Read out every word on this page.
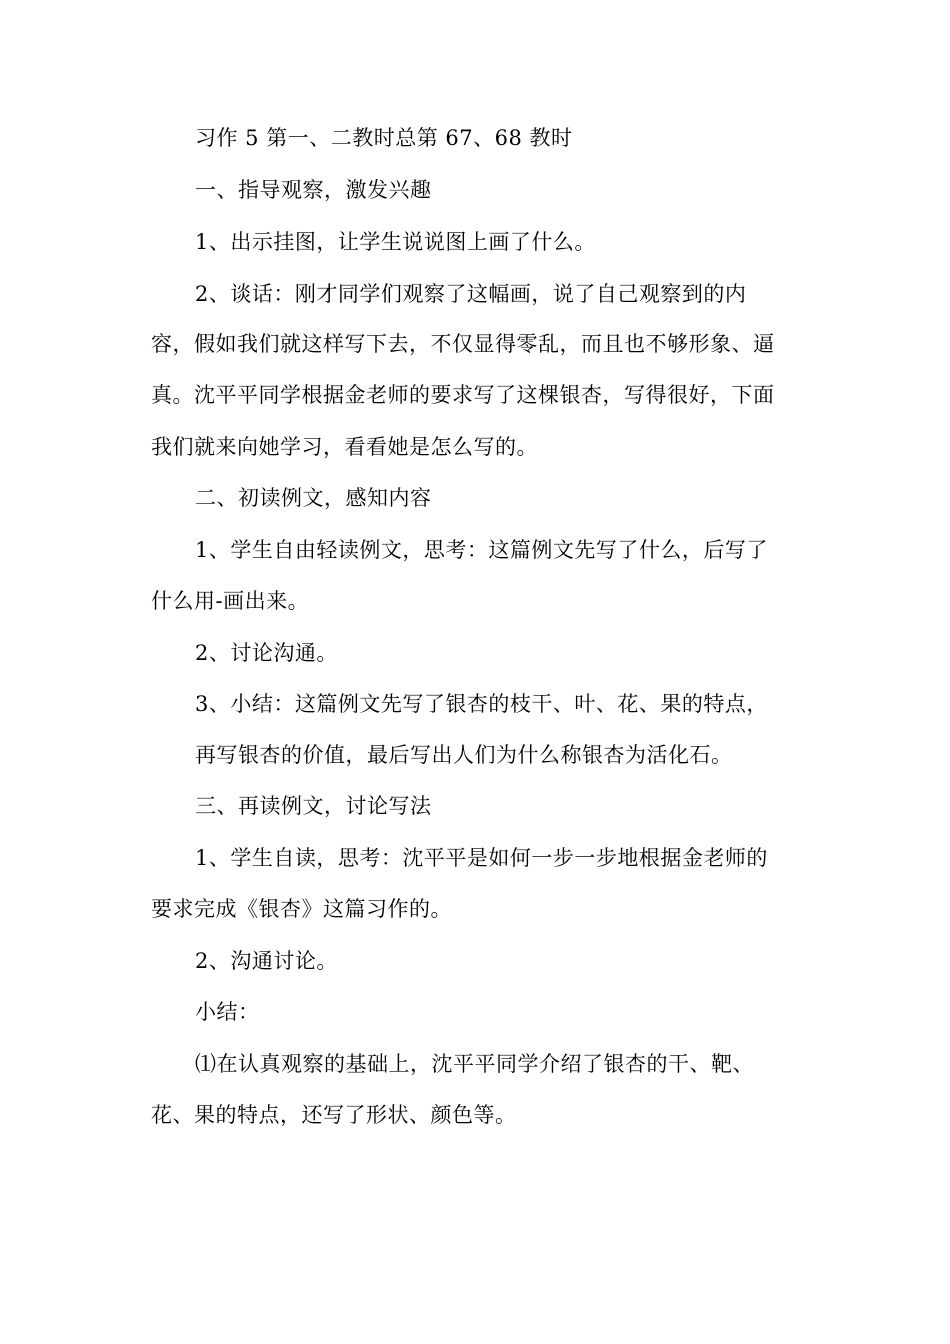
习作 5 第一、二教时总第 67、68 教时
一、指导观察，激发兴趣
1、出示挂图，让学生说说图上画了什么。
2、谈话：刚才同学们观察了这幅画，说了自己观察到的内
容，假如我们就这样写下去，不仅显得零乱，而且也不够形象、逼
真。沈平平同学根据金老师的要求写了这棵银杏，写得很好，下面
我们就来向她学习，看看她是怎么写的。
二、初读例文，感知内容
1、学生自由轻读例文，思考：这篇例文先写了什么，后写了
什么用-画出来。
2、讨论沟通。
3、小结：这篇例文先写了银杏的枝干、叶、花、果的特点，
再写银杏的价值，最后写出人们为什么称银杏为活化石。
三、再读例文，讨论写法
1、学生自读，思考：沈平平是如何一步一步地根据金老师的
要求完成《银杏》这篇习作的。
2、沟通讨论。
小结：
⑴在认真观察的基础上，沈平平同学介绍了银杏的干、靶、
花、果的特点，还写了形状、颜色等。
